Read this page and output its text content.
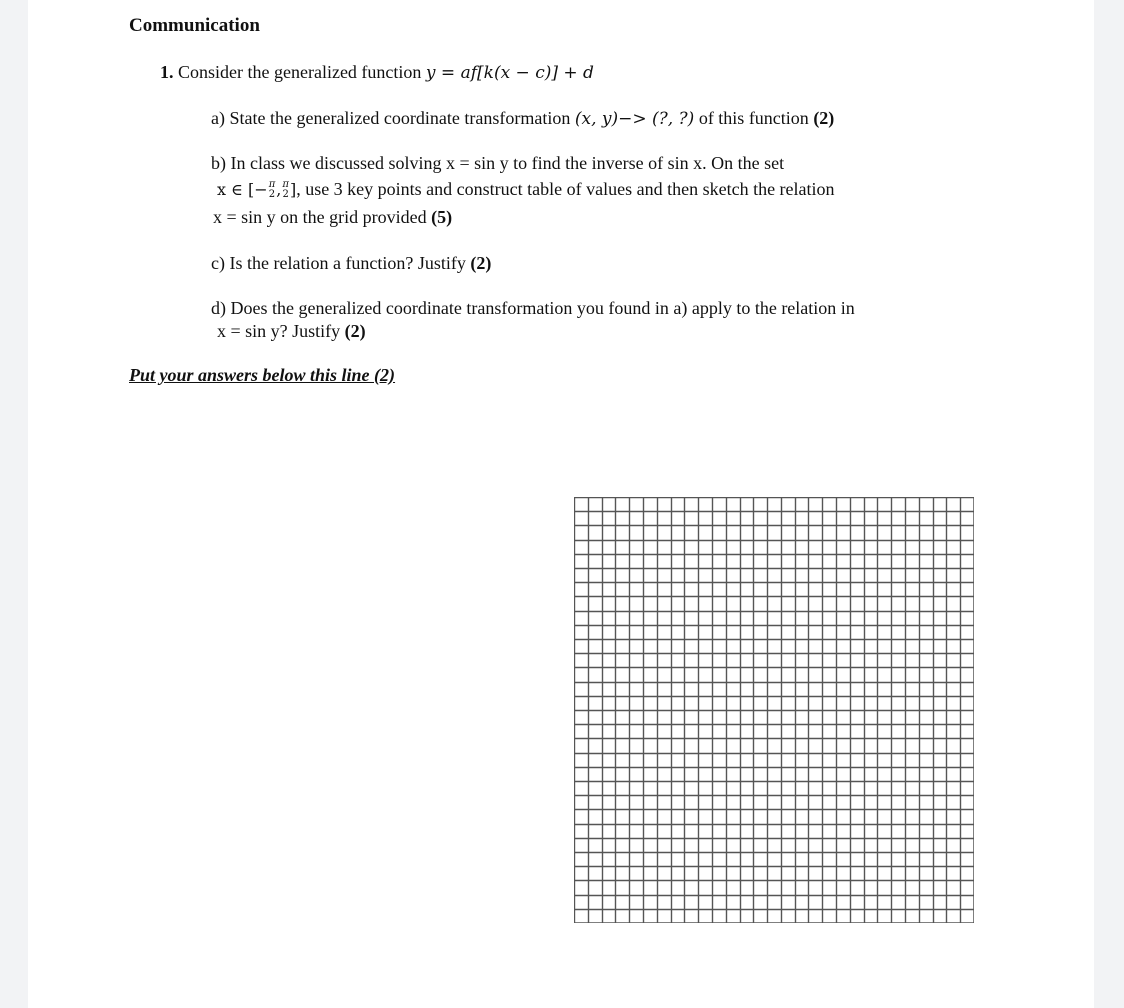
Communication
1. Consider the generalized function y = af[k(x − c)] + d
a) State the generalized coordinate transformation (x, y)−> (?, ?) of this function (2)
b) In class we discussed solving x = sin y to find the inverse of sin x. On the set
x ∈ [− π
2 , π
2 ], use 3 key points and construct table of values and then sketch the relation
x = sin y on the grid provided (5)
c) Is the relation a function? Justify (2)
d) Does the generalized coordinate transformation you found in a) apply to the relation in
x = sin y? Justify (2)
Put your answers below this line (2)
